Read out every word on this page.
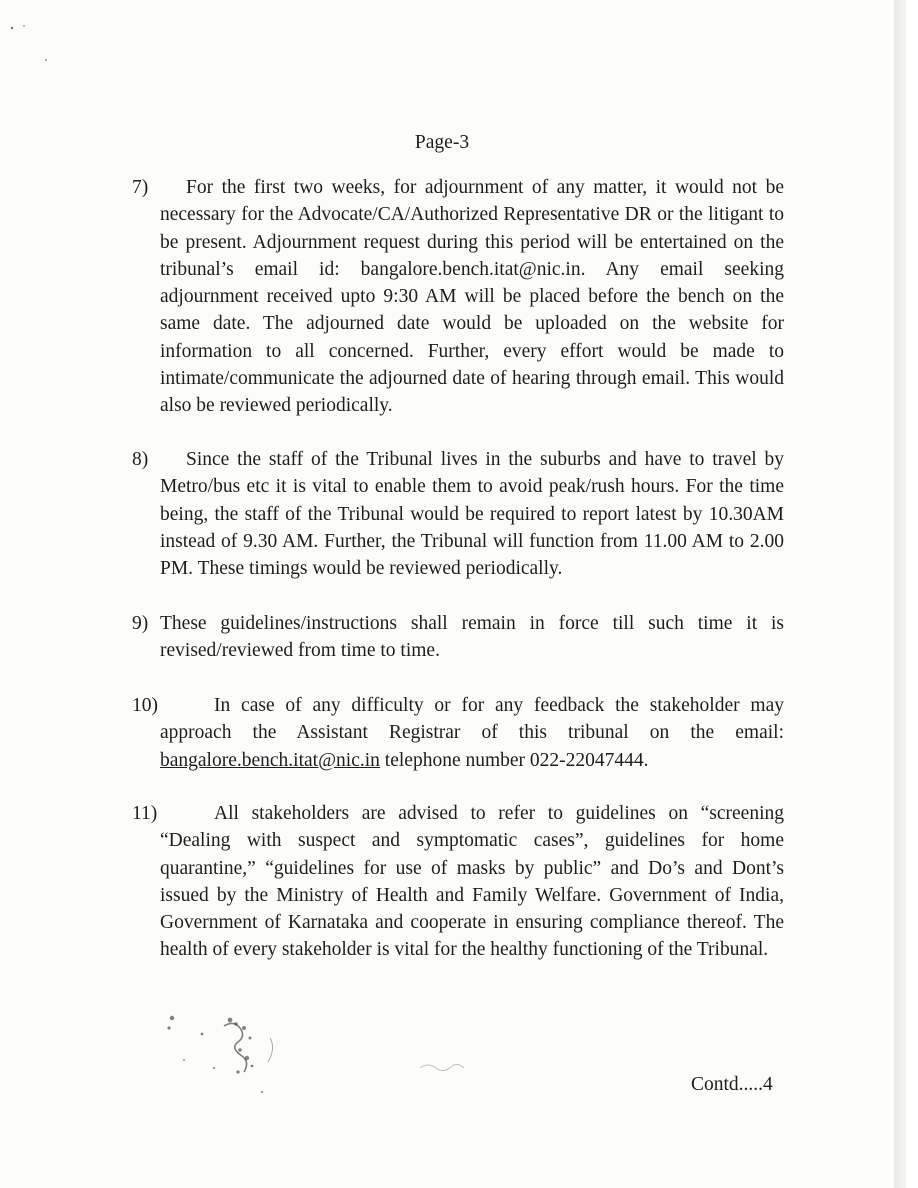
Page-3
7)	For the first two weeks, for adjournment of any matter, it would not be necessary for the Advocate/CA/Authorized Representative DR or the litigant to be present. Adjournment request during this period will be entertained on the tribunal’s email id: bangalore.bench.itat@nic.in. Any email seeking adjournment received upto 9:30 AM will be placed before the bench on the same date. The adjourned date would be uploaded on the website for information to all concerned. Further, every effort would be made to intimate/communicate the adjourned date of hearing through email. This would also be reviewed periodically.

8)	Since the staff of the Tribunal lives in the suburbs and have to travel by Metro/bus etc it is vital to enable them to avoid peak/rush hours. For the time being, the staff of the Tribunal would be required to report latest by 10.30AM instead of 9.30 AM. Further, the Tribunal will function from 11.00 AM to 2.00 PM. These timings would be reviewed periodically.

9) These guidelines/instructions shall remain in force till such time it is revised/reviewed from time to time.

10)	In case of any difficulty or for any feedback the stakeholder may approach the Assistant Registrar of this tribunal on the email: bangalore.bench.itat@nic.in telephone number 022-22047444.

11)	All stakeholders are advised to refer to guidelines on “screening “Dealing with suspect and symptomatic cases”, guidelines for home quarantine,” “guidelines for use of masks by public” and Do’s and Dont’s issued by the Ministry of Health and Family Welfare. Government of India, Government of Karnataka and cooperate in ensuring compliance thereof. The health of every stakeholder is vital for the healthy functioning of the Tribunal.

Contd.....4
